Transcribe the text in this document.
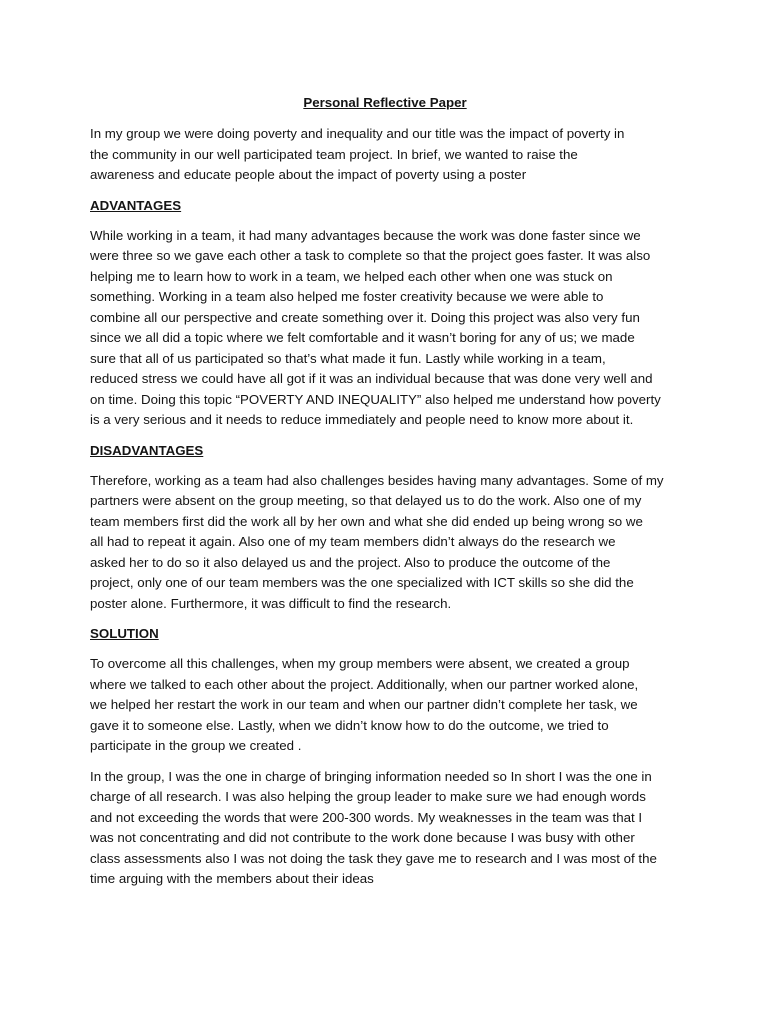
Personal Reflective Paper
In my group we were doing poverty and inequality and our title was the impact of poverty in
the community in our well participated team project. In brief, we wanted to raise the
awareness and educate people about the impact of poverty using a poster
ADVANTAGES
While working in a team, it had many advantages because the work was done faster since we
were three so we gave each other a task to complete so that the project goes faster. It was also
helping me to learn how to work in a team, we helped each other when one was stuck on
something. Working in a team also helped me foster creativity because we were able to
combine all our perspective and create something over it. Doing this project was also very fun
since we all did a topic where we felt comfortable and it wasn’t boring for any of us; we made
sure that all of us participated so that’s what made it fun. Lastly while working in a team,
reduced stress we could have all got if it was an individual because that was done very well and
on time. Doing this topic “POVERTY AND INEQUALITY” also helped me understand how poverty
is a very serious and it needs to reduce immediately and people need to know more about it.
DISADVANTAGES
Therefore, working as a team had also challenges besides having many advantages. Some of my
partners were absent on the group meeting, so that delayed us to do the work. Also one of my
team members first did the work all by her own and what she did ended up being wrong so we
all had to repeat it again. Also one of my team members didn’t always do the research we
asked her to do so it also delayed us and the project. Also to produce the outcome of the
project, only one of our team members was the one specialized with ICT skills so she did the
poster alone. Furthermore, it was difficult to find the research.
SOLUTION
To overcome all this challenges, when my group members were absent, we created a group
where we talked to each other about the project. Additionally, when our partner worked alone,
we helped her restart the work in our team and when our partner didn’t complete her task, we
gave it to someone else. Lastly, when we didn’t know how to do the outcome, we tried to
participate in the group we created .
In the group, I was the one in charge of bringing information needed so In short I was the one in
charge of all research. I was also helping the group leader to make sure we had enough words
and not exceeding the words that were 200-300 words. My weaknesses in the team was that I
was not concentrating and did not contribute to the work done because I was busy with other
class assessments also I was not doing the task they gave me to research and I was most of the
time arguing with the members about their ideas
